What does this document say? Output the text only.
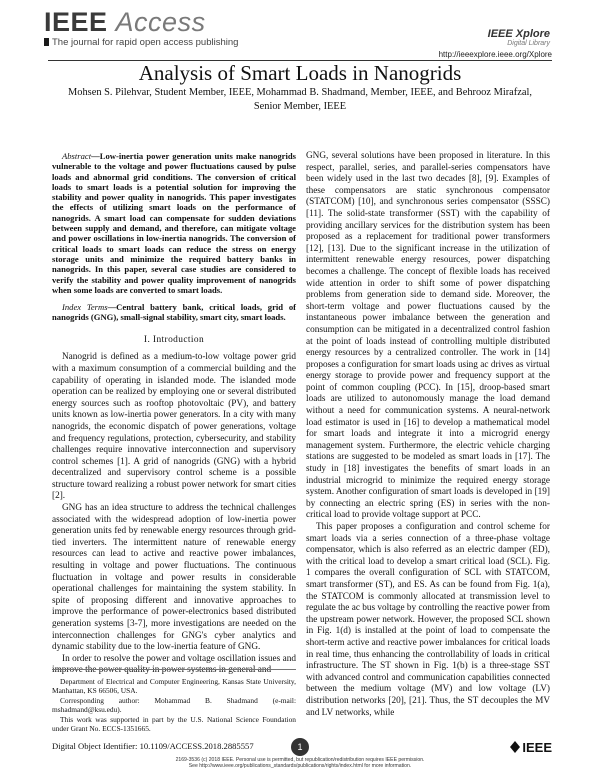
IEEE Access
The journal for rapid open access publishing
IEEE Xplore
Digital Library
http://ieeexplore.ieee.org/Xplore
Analysis of Smart Loads in Nanogrids
Mohsen S. Pilehvar, Student Member, IEEE, Mohammad B. Shadmand, Member, IEEE, and Behrooz Mirafzal, Senior Member, IEEE

Abstract—Low-inertia power generation units make nanogrids vulnerable to the voltage and power fluctuations caused by pulse loads and abnormal grid conditions. The conversion of critical loads to smart loads is a potential solution for improving the stability and power quality in nanogrids. This paper investigates the effects of utilizing smart loads on the performance of nanogrids. A smart load can compensate for sudden deviations between supply and demand, and therefore, can mitigate voltage and power oscillations in low-inertia nanogrids. The conversion of critical loads to smart loads can reduce the stress on energy storage units and minimize the required battery banks in nanogrids. In this paper, several case studies are considered to verify the stability and power quality improvement of nanogrids when some loads are converted to smart loads.

Index Terms—Central battery bank, critical loads, grid of nanogrids (GNG), small-signal stability, smart city, smart loads.

I. Introduction

Nanogrid is defined as a medium-to-low voltage power grid with a maximum consumption of a commercial building and the capability of operating in islanded mode. The islanded mode operation can be realized by employing one or several distributed energy sources such as rooftop photovoltaic (PV), and battery units known as low-inertia power generators. In a city with many nanogrids, the economic dispatch of power generations, voltage and frequency regulations, protection, cybersecurity, and stability challenges require innovative interconnection and supervisory control schemes [1]. A grid of nanogrids (GNG) with a hybrid decentralized and supervisory control scheme is a possible structure toward realizing a robust power network for smart cities [2].

GNG has an idea structure to address the technical challenges associated with the widespread adoption of low-inertia power generation units fed by renewable energy resources through grid-tied inverters. The intermittent nature of renewable energy resources can lead to active and reactive power imbalances, resulting in voltage and power fluctuations. The continuous fluctuation in voltage and power results in considerable operational challenges for maintaining the system stability. In spite of proposing different and innovative approaches to improve the performance of power-electronics based distributed generation systems [3-7], more investigations are needed on the interconnection challenges for GNG's cyber analytics and dynamic stability due to the low-inertia feature of GNG.

In order to resolve the power and voltage oscillation issues and improve the power quality in power systems in general and

GNG, several solutions have been proposed in literature. In this respect, parallel, series, and parallel-series compensators have been widely used in the last two decades [8], [9]. Examples of these compensators are static synchronous compensator (STATCOM) [10], and synchronous series compensator (SSSC) [11]. The solid-state transformer (SST) with the capability of providing ancillary services for the distribution system has been proposed as a replacement for traditional power transformers [12], [13]. Due to the significant increase in the utilization of intermittent renewable energy resources, power dispatching becomes a challenge. The concept of flexible loads has received wide attention in order to shift some of power dispatching problems from generation side to demand side. Moreover, the short-term voltage and power fluctuations caused by the instantaneous power imbalance between the generation and consumption can be mitigated in a decentralized control fashion at the point of loads instead of controlling multiple distributed energy resources by a centralized controller. The work in [14] proposes a configuration for smart loads using ac drives as virtual energy storage to provide power and frequency support at the point of common coupling (PCC). In [15], droop-based smart loads are utilized to autonomously manage the load demand without a need for communication systems. A neural-network load estimator is used in [16] to develop a mathematical model for smart loads and integrate it into a microgrid energy management system. Furthermore, the electric vehicle charging stations are suggested to be modeled as smart loads in [17]. The study in [18] investigates the benefits of smart loads in an industrial microgrid to minimize the required energy storage system. Another configuration of smart loads is developed in [19] by connecting an electric spring (ES) in series with the non-critical load to provide voltage support at PCC.

This paper proposes a configuration and control scheme for smart loads via a series connection of a three-phase voltage compensator, which is also referred as an electric damper (ED), with the critical load to develop a smart critical load (SCL). Fig. 1 compares the overall configuration of SCL with STATCOM, smart transformer (ST), and ES. As can be found from Fig. 1(a), the STATCOM is commonly allocated at transmission level to regulate the ac bus voltage by controlling the reactive power from the upstream power network. However, the proposed SCL shown in Fig. 1(d) is installed at the point of load to compensate the short-term active and reactive power imbalances for critical loads in real time, thus enhancing the controllability of loads in critical infrastructure. The ST shown in Fig. 1(b) is a three-stage SST with advanced control and communication capabilities connected between the medium voltage (MV) and low voltage (LV) distribution networks [20], [21]. Thus, the ST decouples the MV and LV networks, while

Department of Electrical and Computer Engineering, Kansas State University, Manhattan, KS 66506, USA.

Corresponding author: Mohammad B. Shadmand (e-mail: mshadmand@ksu.edu).

This work was supported in part by the U.S. National Science Foundation under Grant No. ECCS-1351665.

Digital Object Identifier: 10.1109/ACCESS.2018.2885557	1	IEEE
2169-3536 (c) 2018 IEEE. Personal use is permitted, but republication/redistribution requires IEEE permission.
See http://www.ieee.org/publications_standards/publications/rights/index.html for more information.
